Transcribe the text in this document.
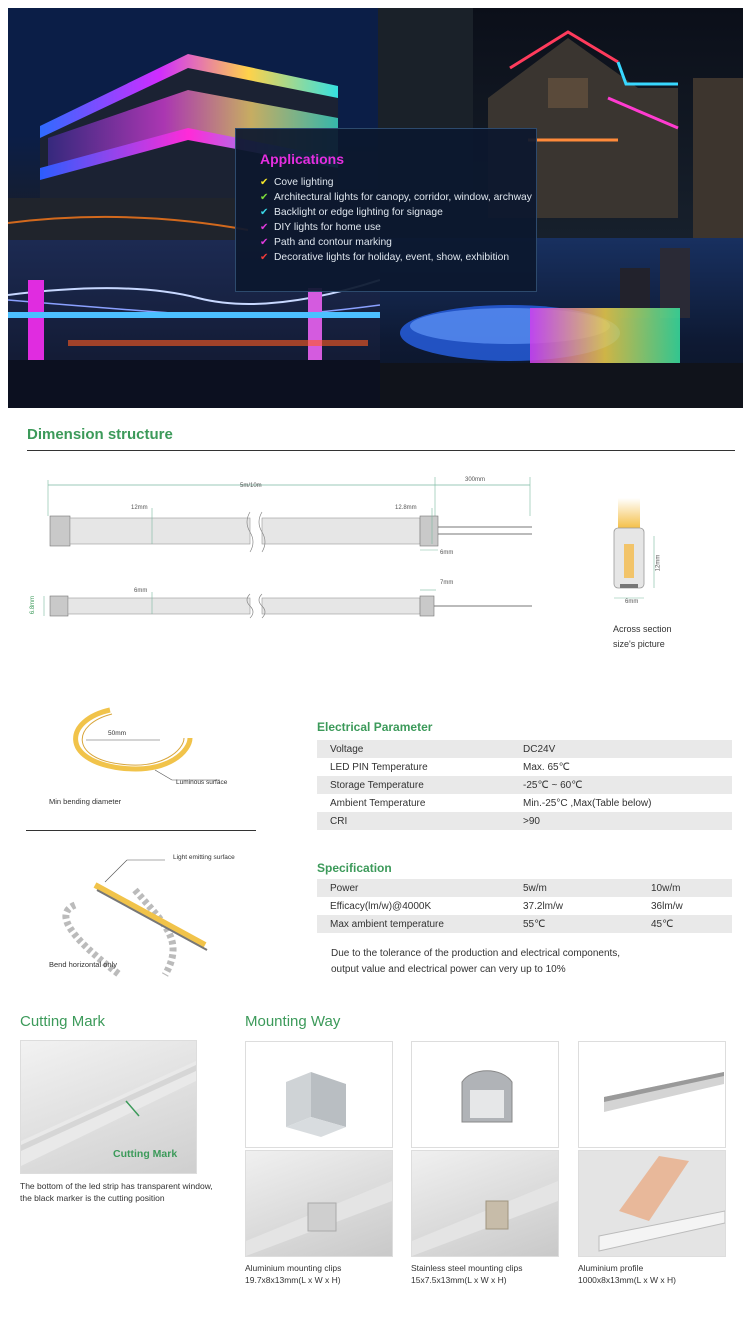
Applications
✔ Cove lighting
✔ Architectural lights for canopy, corridor, window, archway
✔ Backlight or edge lighting for signage
✔ DIY lights for home use
✔ Path and contour marking
✔ Decorative lights for holiday, event, show, exhibition
Dimension structure
5m/10m
300mm
12mm	12.8mm
6mm
6mm
7mm
6.8mm
12mm
6mm
Across section
size's picture
50mm
Luminous surface
Min bending diameter
Light emitting surface
Bend horizontal only
Electrical Parameter
Voltage	DC24V
LED PIN Temperature	Max. 65℃
Storage Temperature	-25℃ ~ 60℃
Ambient Temperature	Min.-25°C ,Max(Table below)
CRI	>90
Specification
Power	5w/m	10w/m
Efficacy(lm/w)@4000K	37.2lm/w	36lm/w
Max ambient temperature	55℃	45℃
Due to the tolerance of the production and electrical components,
output value and electrical power can very up to 10%
Cutting Mark
Cutting Mark
The bottom of the led strip has transparent window,
the black marker is the cutting position
Mounting Way
Aluminium mounting clips
19.7x8x13mm(L x W x H)
Stainless steel mounting clips
15x7.5x13mm(L x W x H)
Aluminium profile
1000x8x13mm(L x W x H)
